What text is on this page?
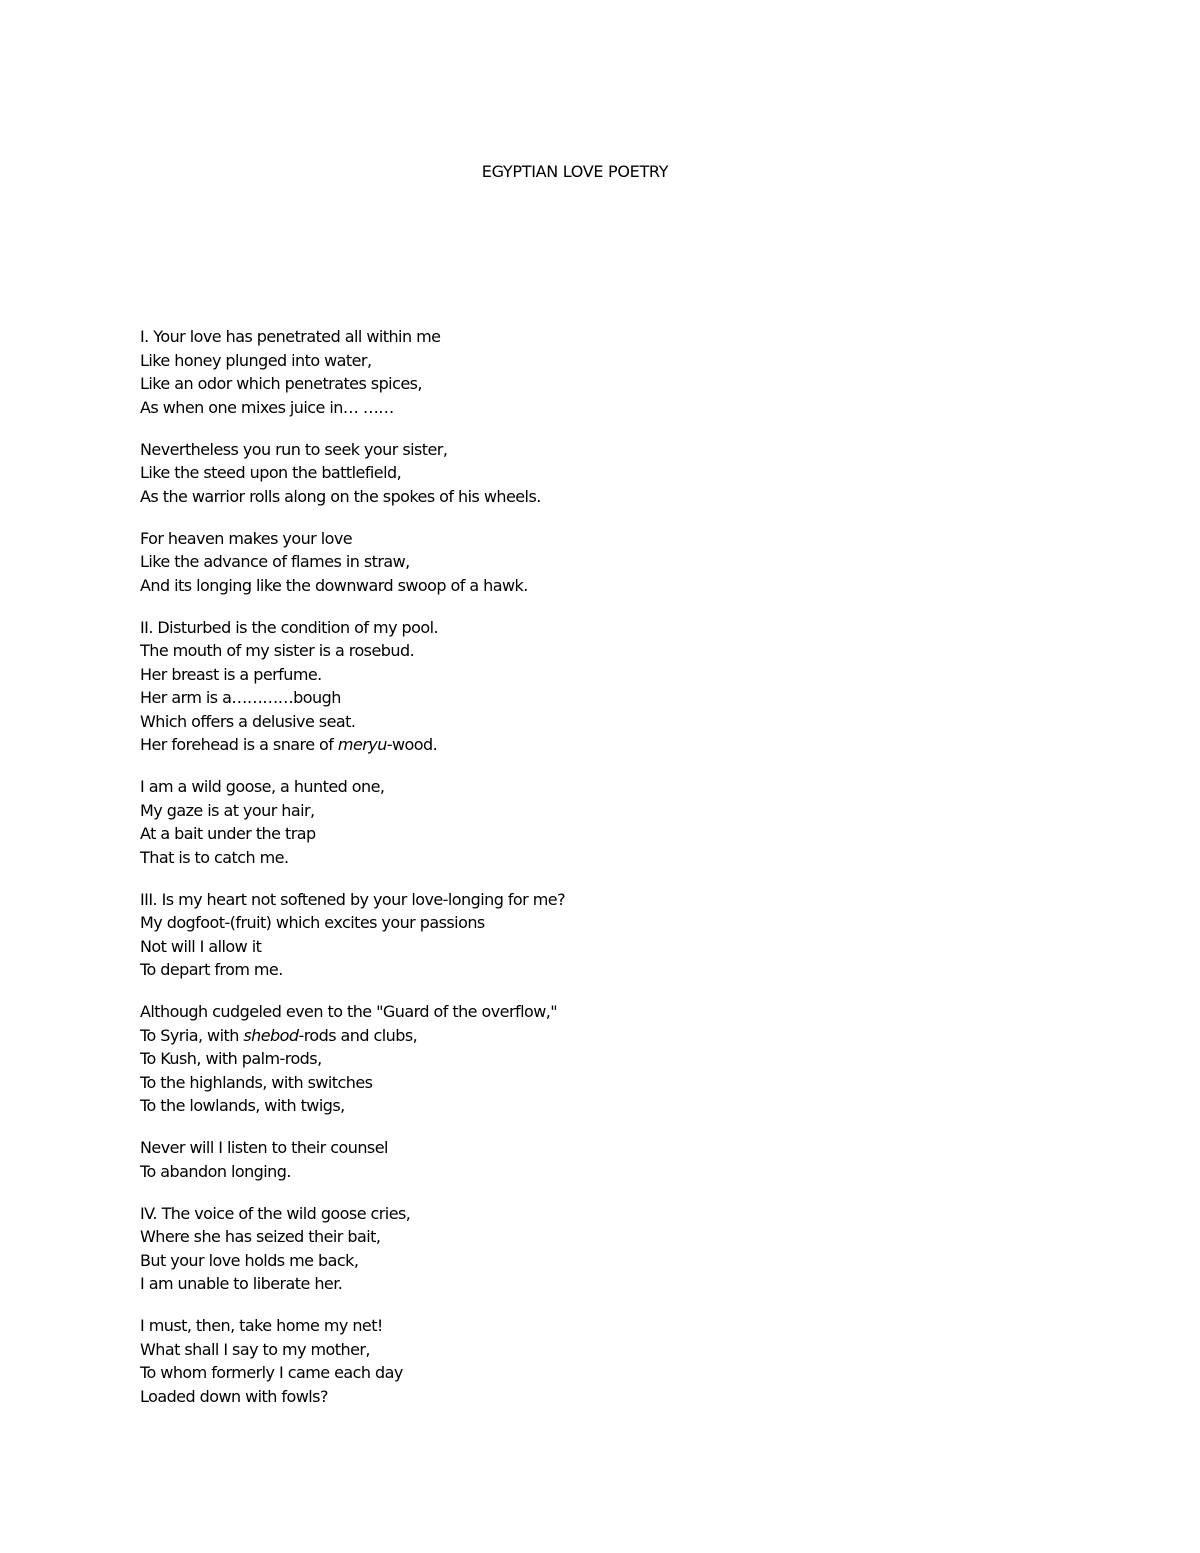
EGYPTIAN LOVE POETRY
I. Your love has penetrated all within me
Like honey plunged into water,
Like an odor which penetrates spices,
As when one mixes juice in… ……
Nevertheless you run to seek your sister,
Like the steed upon the battlefield,
As the warrior rolls along on the spokes of his wheels.
For heaven makes your love
Like the advance of flames in straw,
And its longing like the downward swoop of a hawk.
II. Disturbed is the condition of my pool.
The mouth of my sister is a rosebud.
Her breast is a perfume.
Her arm is a…………bough
Which offers a delusive seat.
Her forehead is a snare of meryu-wood.
I am a wild goose, a hunted one,
My gaze is at your hair,
At a bait under the trap
That is to catch me.
III. Is my heart not softened by your love-longing for me?
My dogfoot-(fruit) which excites your passions
Not will I allow it
To depart from me.
Although cudgeled even to the "Guard of the overflow,"
To Syria, with shebod-rods and clubs,
To Kush, with palm-rods,
To the highlands, with switches
To the lowlands, with twigs,
Never will I listen to their counsel
To abandon longing.
IV. The voice of the wild goose cries,
Where she has seized their bait,
But your love holds me back,
I am unable to liberate her.
I must, then, take home my net!
What shall I say to my mother,
To whom formerly I came each day
Loaded down with fowls?
